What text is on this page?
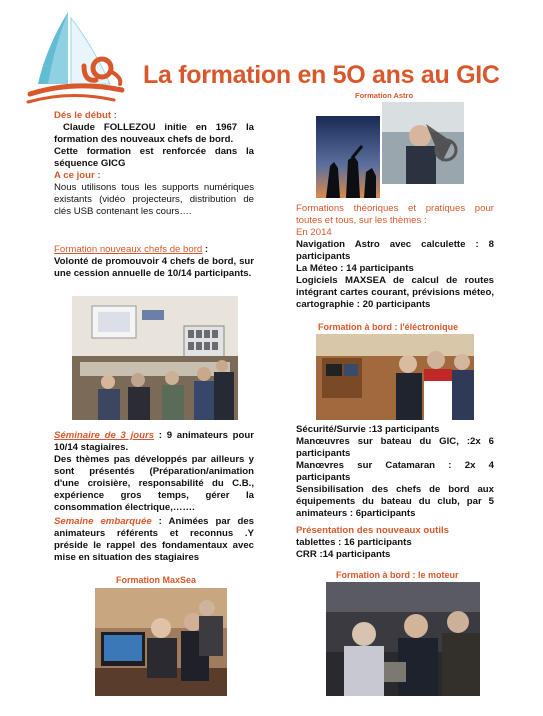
La formation en 5O ans au GIC
Dés le début :
Claude FOLLEZOU initie en 1967 la formation des nouveaux chefs de bord.
Cette formation est renforcée dans la séquence GICG
A ce jour :
Nous utilisons tous les supports numériques existants (vidéo projecteurs, distribution de clés USB contenant les cours….
Formation nouveaux chefs de bord :
Volonté de promouvoir 4 chefs de bord, sur une cession annuelle de 10/14 participants.
Séminaire de 3 jours : 9 animateurs pour 10/14 stagiaires.
Des thèmes pas développés par ailleurs y sont présentés (Préparation/animation d'une croisière, responsabilité du C.B., expérience gros temps, gérer la consommation électrique,…….
Semaine embarquée : Animées par des animateurs référents et reconnus .Y préside le rappel des fondamentaux avec mise en situation des stagiaires
Formation MaxSea
Formation Astro
Formations théoriques et pratiques pour toutes et tous, sur les thèmes :
En 2014
Navigation Astro avec calculette : 8 participants
La Méteo : 14 participants
Logiciels MAXSEA de calcul de routes intégrant cartes courant, prévisions méteo, cartographie : 20 participants
Formation à bord : l'éléctronique
Sécurité/Survie :13 participants
Manœuvres sur bateau du GIC, :2x 6 participants
Manœvres sur Catamaran : 2x 4 participants
Sensibilisation des chefs de bord aux équipements du bateau du club, par 5 animateurs : 6participants
Présentation des nouveaux outils
tablettes : 16 participants
CRR :14 participants
Formation à bord : le moteur
